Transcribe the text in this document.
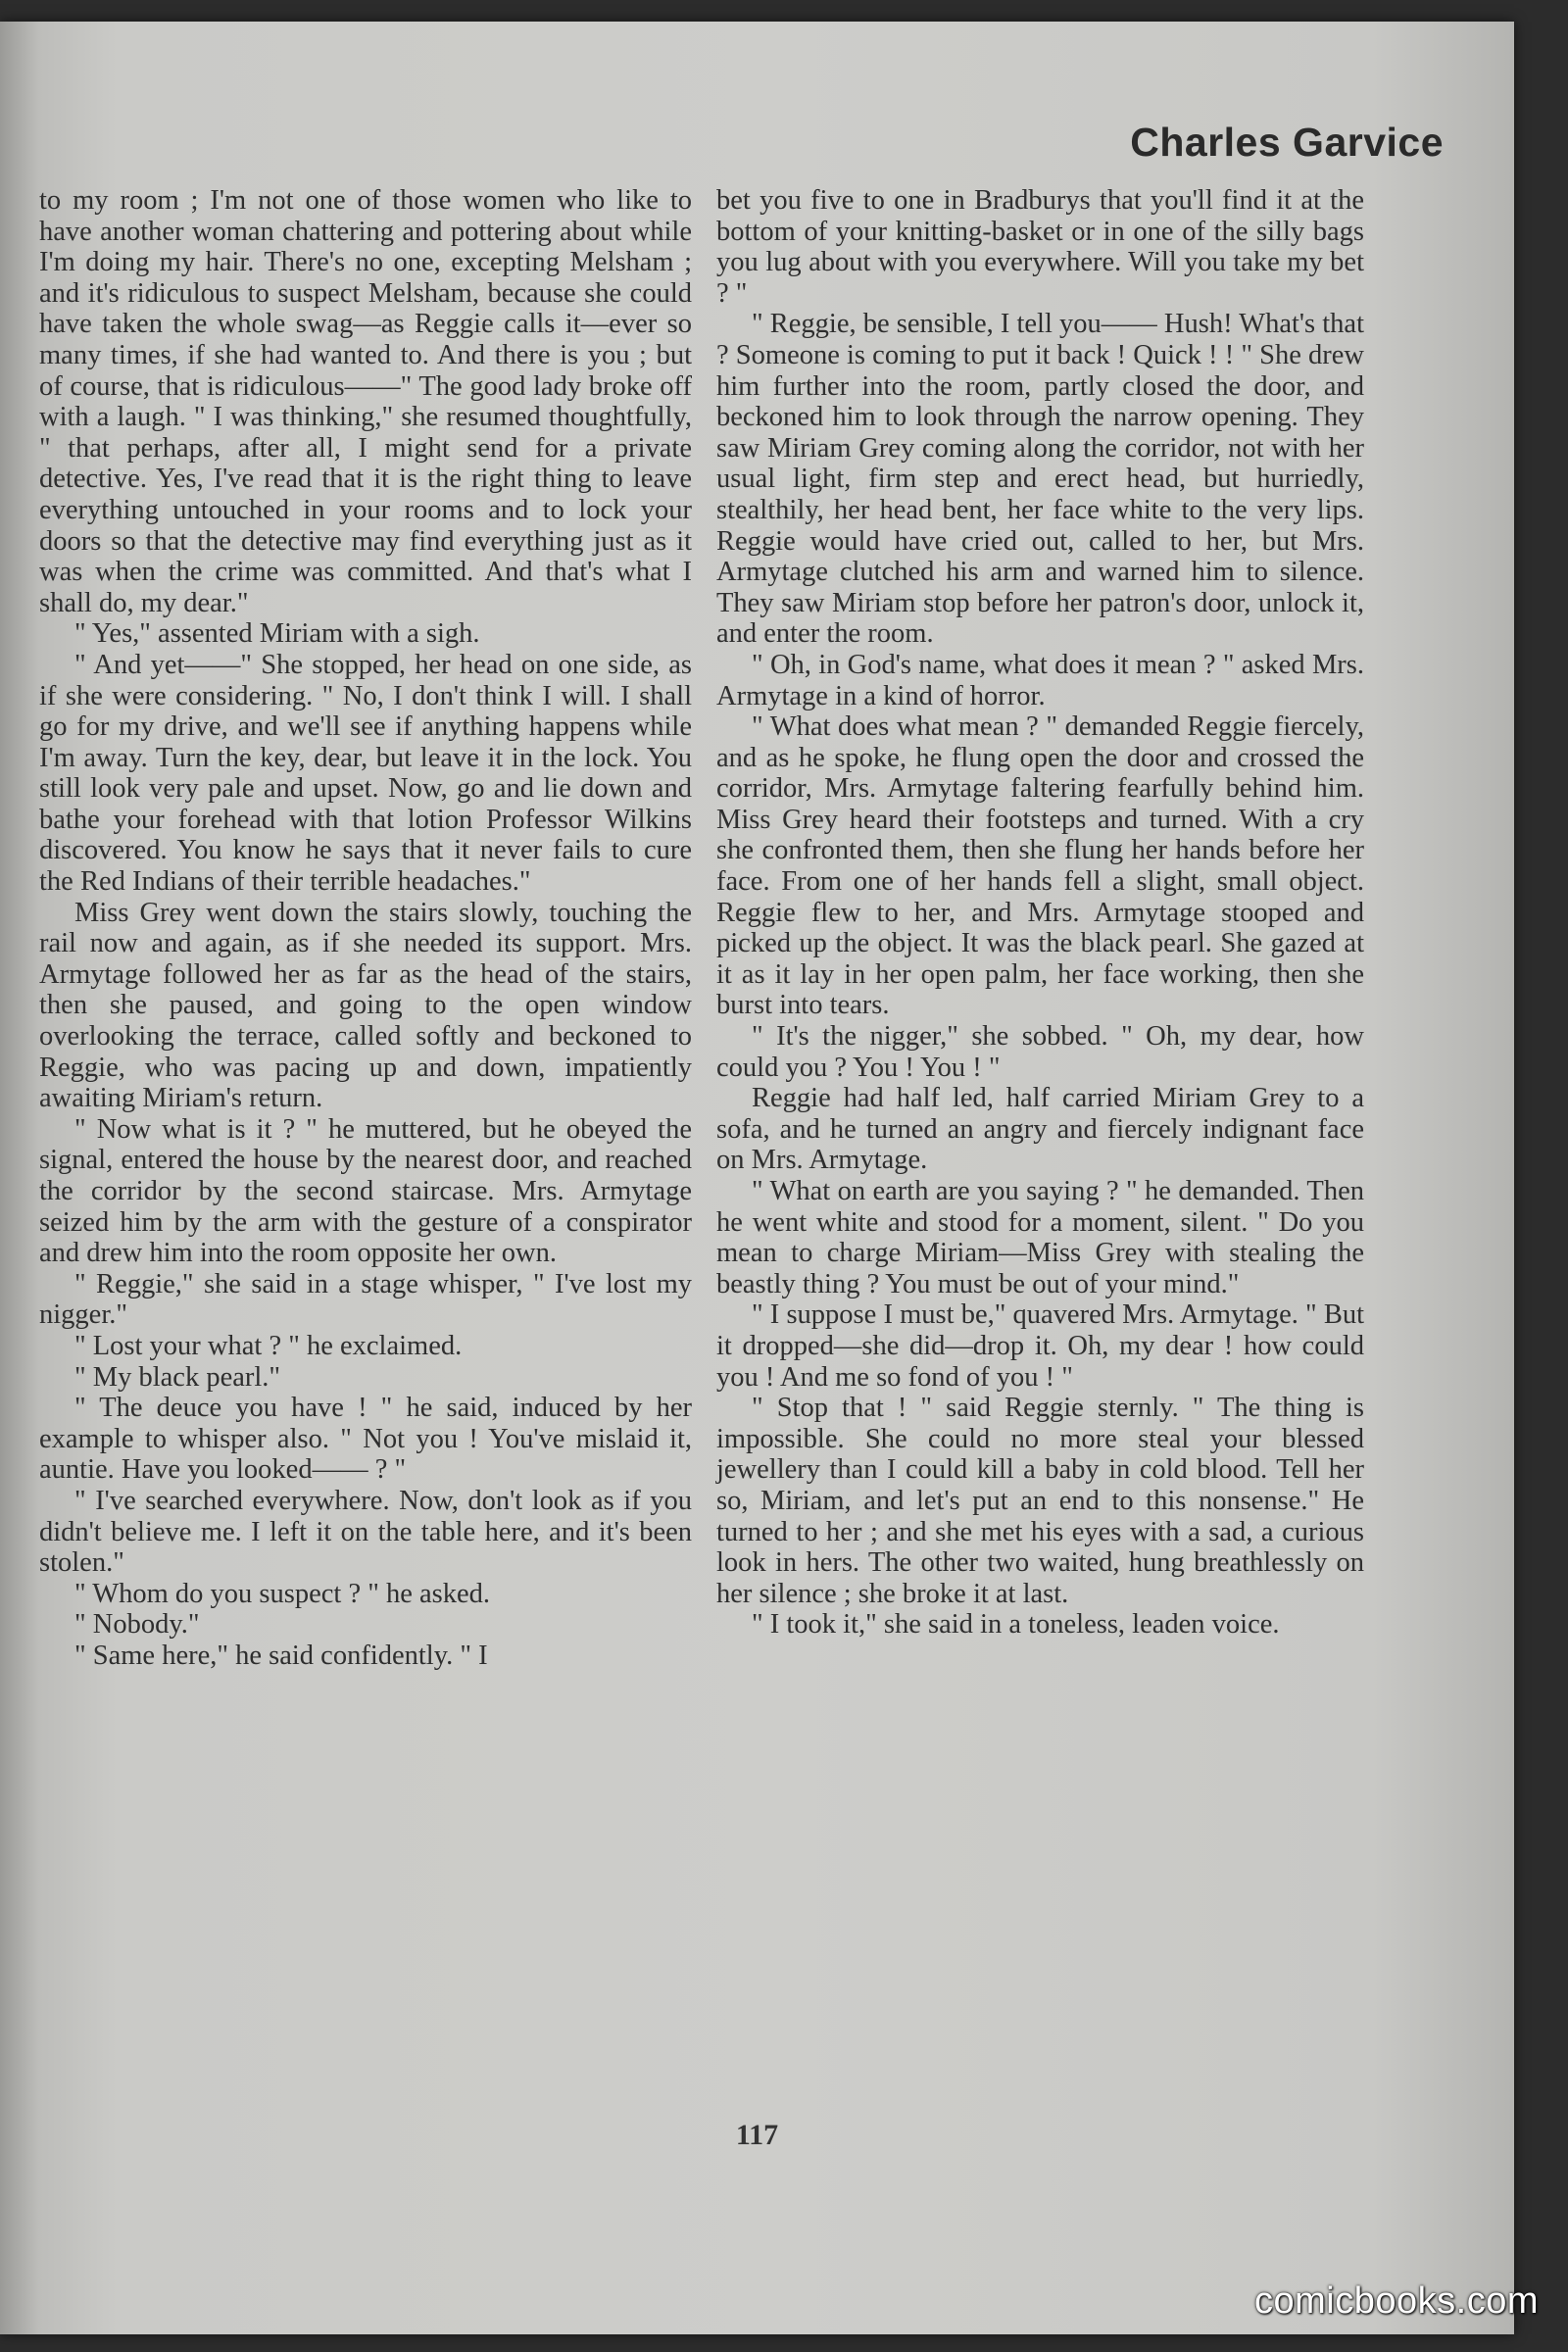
Charles Garvice

to my room ; I'm not one of those women who like to have another woman chattering and pottering about while I'm doing my hair. There's no one, excepting Melsham ; and it's ridiculous to suspect Melsham, because she could have taken the whole swag—as Reggie calls it—ever so many times, if she had wanted to. And there is you ; but of course, that is ridiculous——" The good lady broke off with a laugh. " I was thinking," she resumed thoughtfully, " that perhaps, after all, I might send for a private detective. Yes, I've read that it is the right thing to leave everything untouched in your rooms and to lock your doors so that the detective may find everything just as it was when the crime was committed. And that's what I shall do, my dear."

" Yes," assented Miriam with a sigh.

" And yet——" She stopped, her head on one side, as if she were considering. " No, I don't think I will. I shall go for my drive, and we'll see if anything happens while I'm away. Turn the key, dear, but leave it in the lock. You still look very pale and upset. Now, go and lie down and bathe your forehead with that lotion Professor Wilkins discovered. You know he says that it never fails to cure the Red Indians of their terrible headaches."

Miss Grey went down the stairs slowly, touching the rail now and again, as if she needed its support. Mrs. Armytage followed her as far as the head of the stairs, then she paused, and going to the open window overlooking the terrace, called softly and beckoned to Reggie, who was pacing up and down, impatiently awaiting Miriam's return.

" Now what is it ? " he muttered, but he obeyed the signal, entered the house by the nearest door, and reached the corridor by the second staircase. Mrs. Armytage seized him by the arm with the gesture of a conspirator and drew him into the room opposite her own.

" Reggie," she said in a stage whisper, " I've lost my nigger."

" Lost your what ? " he exclaimed.

" My black pearl."

" The deuce you have ! " he said, induced by her example to whisper also. " Not you ! You've mislaid it, auntie. Have you looked—— ? "

" I've searched everywhere. Now, don't look as if you didn't believe me. I left it on the table here, and it's been stolen."

" Whom do you suspect ? " he asked.

" Nobody."

" Same here," he said confidently. " I

bet you five to one in Bradburys that you'll find it at the bottom of your knitting-basket or in one of the silly bags you lug about with you everywhere. Will you take my bet ? "

" Reggie, be sensible, I tell you—— Hush! What's that ? Someone is coming to put it back ! Quick ! ! " She drew him further into the room, partly closed the door, and beckoned him to look through the narrow opening. They saw Miriam Grey coming along the corridor, not with her usual light, firm step and erect head, but hurriedly, stealthily, her head bent, her face white to the very lips. Reggie would have cried out, called to her, but Mrs. Armytage clutched his arm and warned him to silence. They saw Miriam stop before her patron's door, unlock it, and enter the room.

" Oh, in God's name, what does it mean ? " asked Mrs. Armytage in a kind of horror.

" What does what mean ? " demanded Reggie fiercely, and as he spoke, he flung open the door and crossed the corridor, Mrs. Armytage faltering fearfully behind him. Miss Grey heard their footsteps and turned. With a cry she confronted them, then she flung her hands before her face. From one of her hands fell a slight, small object. Reggie flew to her, and Mrs. Armytage stooped and picked up the object. It was the black pearl. She gazed at it as it lay in her open palm, her face working, then she burst into tears.

" It's the nigger," she sobbed. " Oh, my dear, how could you ? You ! You ! "

Reggie had half led, half carried Miriam Grey to a sofa, and he turned an angry and fiercely indignant face on Mrs. Armytage.

" What on earth are you saying ? " he demanded. Then he went white and stood for a moment, silent. " Do you mean to charge Miriam—Miss Grey with stealing the beastly thing ? You must be out of your mind."

" I suppose I must be," quavered Mrs. Armytage. " But it dropped—she did—drop it. Oh, my dear ! how could you ! And me so fond of you ! "

" Stop that ! " said Reggie sternly. " The thing is impossible. She could no more steal your blessed jewellery than I could kill a baby in cold blood. Tell her so, Miriam, and let's put an end to this nonsense." He turned to her ; and she met his eyes with a sad, a curious look in hers. The other two waited, hung breathlessly on her silence ; she broke it at last.

" I took it," she said in a toneless, leaden voice.

117
comicbooks.com
